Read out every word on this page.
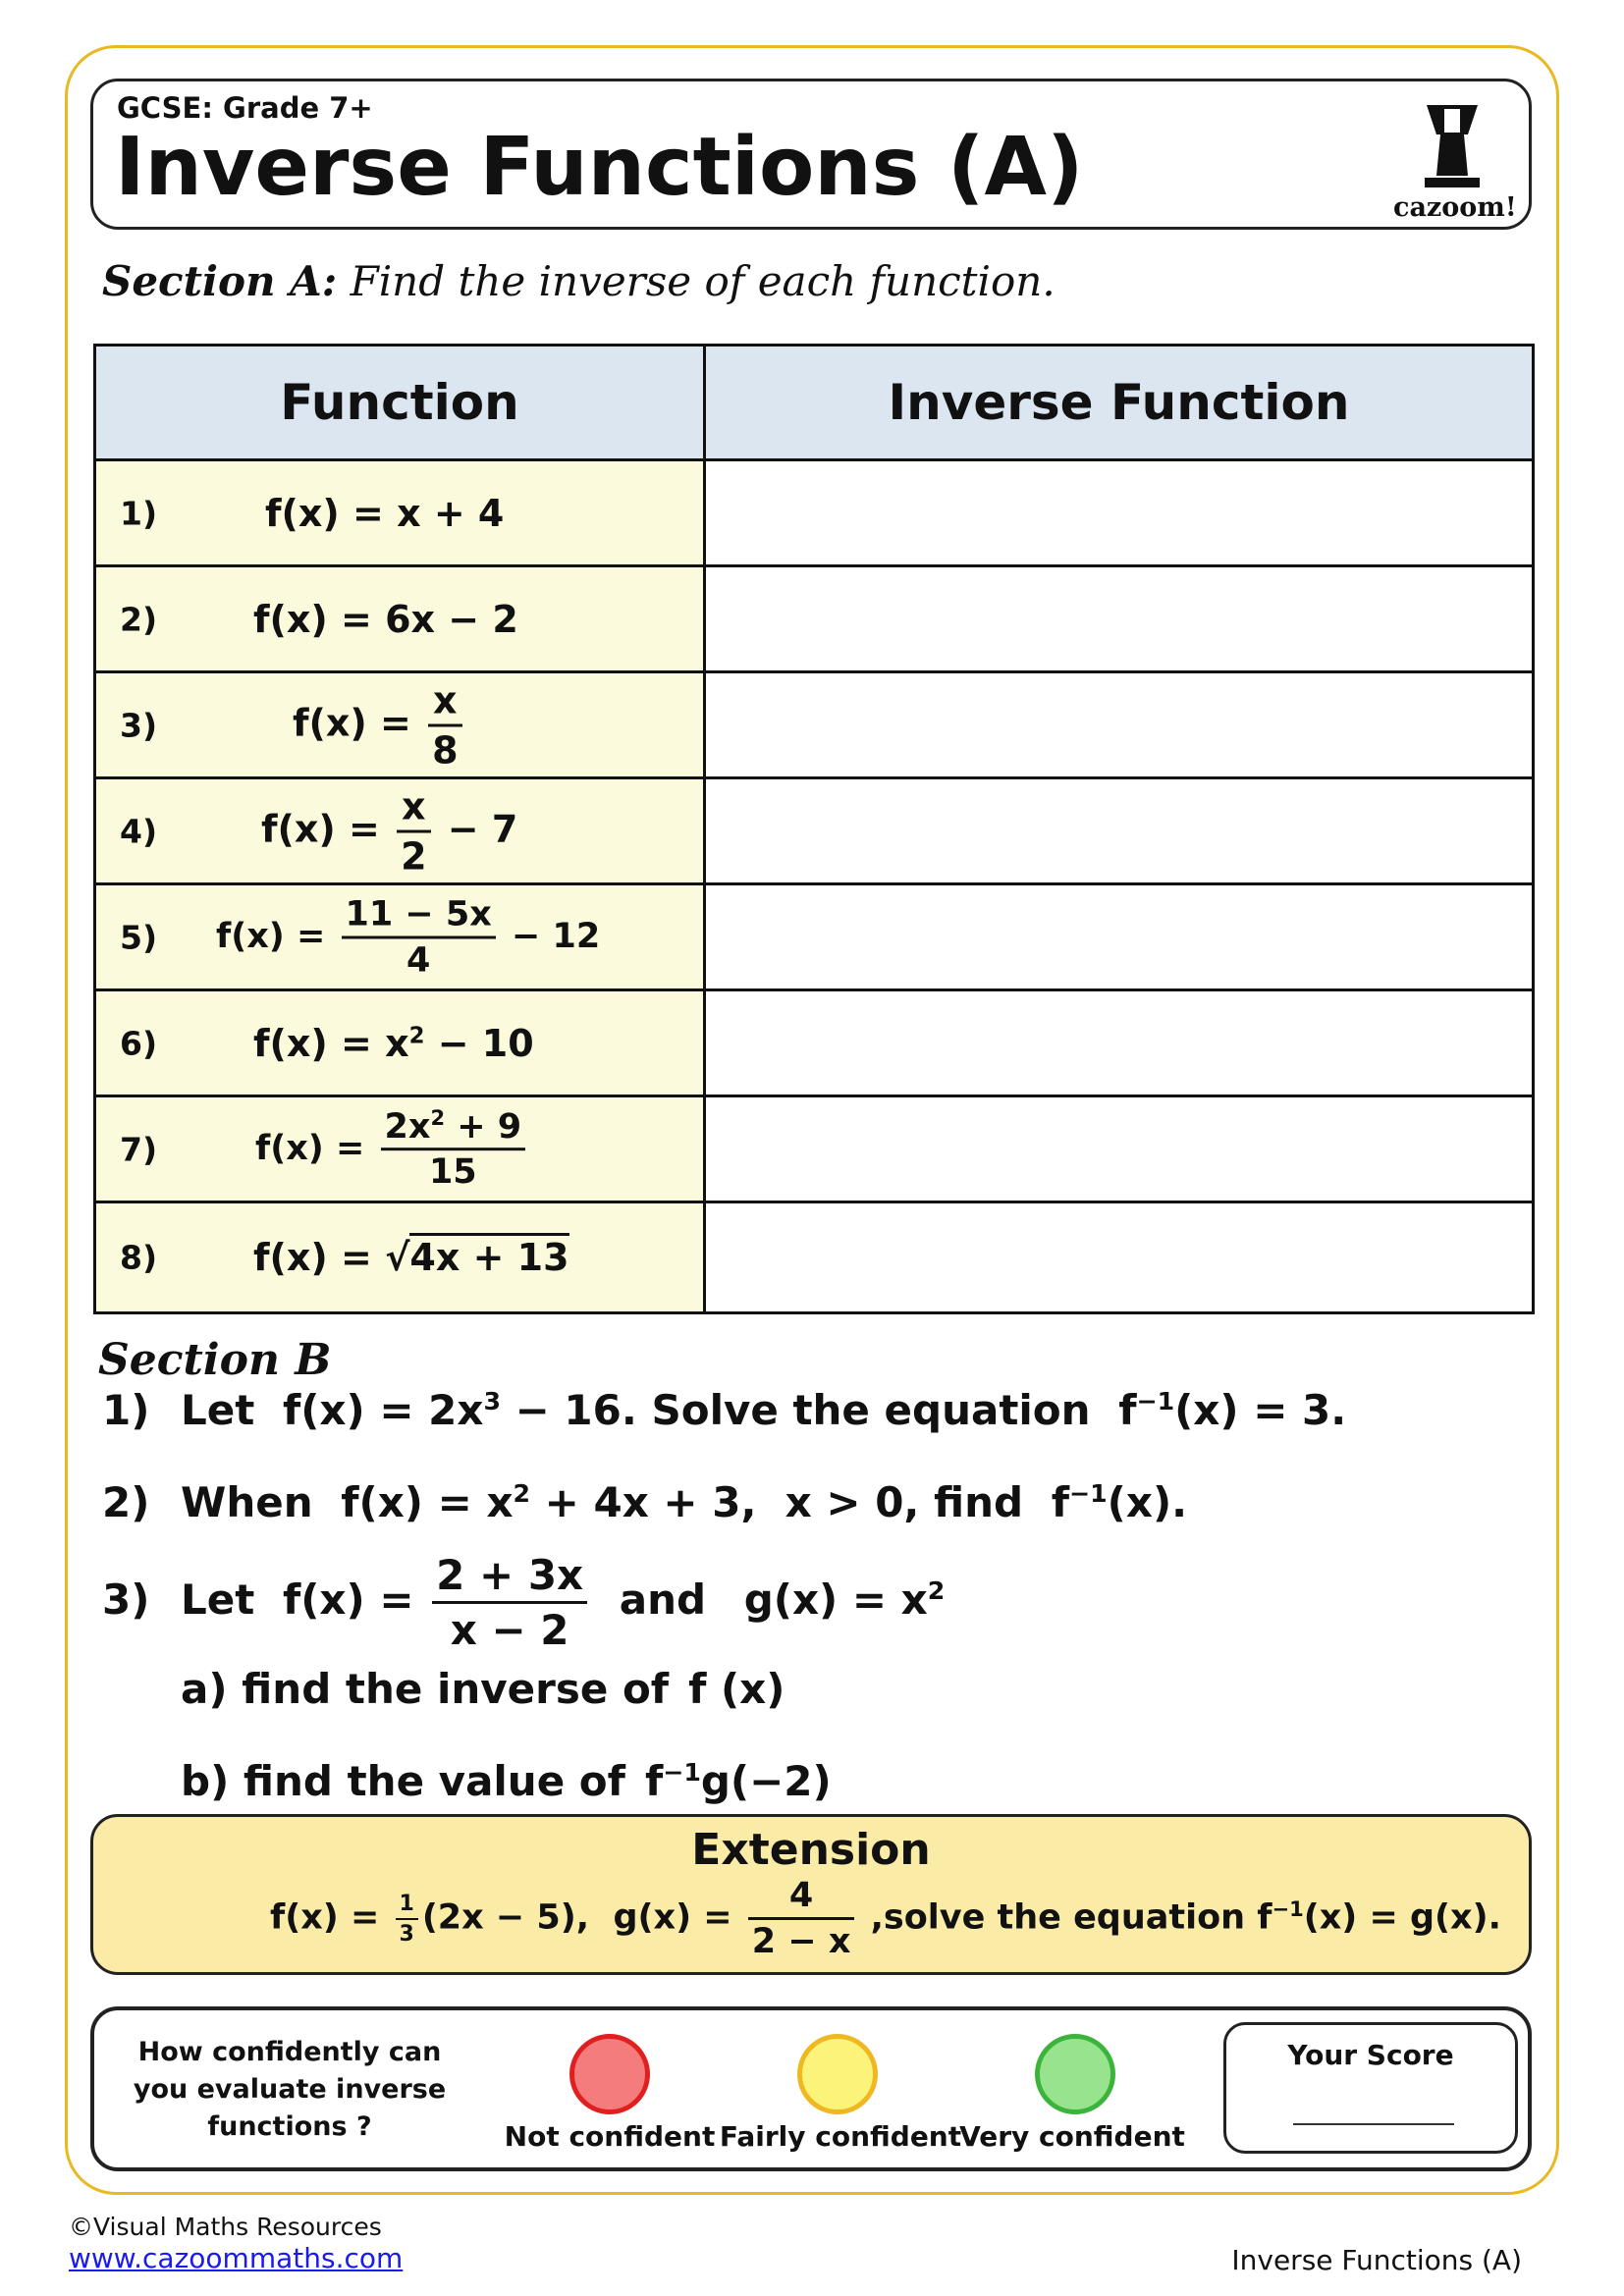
GCSE: Grade 7+
Inverse Functions (A)	cazoom!
Section A: Find the inverse of each function.
Function	Inverse Function

1) f(x) = x + 4	

2) f(x) = 6x − 2	

3) $f(x) = \frac{x}{8}$

4) $f(x) = \frac{x}{2} - 7$	

5) $f(x) = \frac{11 - 5x}{4} - 12$	

6) $f(x) = x^2 - 10$	

7) $f(x) = \frac{2x^2 + 9}{15}$

8) f(x) = √4x + 13	

Section B
1) Let $f(x) = 2x^3 - 16$. Solve the equation $f^{-1}(x) = 3$.
2) When $f(x) = x^2 + 4x + 3$,  x > 0, find $f^{-1}(x)$.
3) Let $f(x) = \frac{2 + 3x}{x - 2}$ and $g(x) = x^2$
a) find the inverse of f (x)
b) find the value of $f^{-1}g(-2)$
Extension
$f(x) = \frac{1}{3} (2x - 5)$,  $g(x) = \frac{4}{2 - x}$ ,solve the equation $f^{-1}(x) = g(x)$.
How confidently can you evaluate inverse functions ?	Not confident Fairly confident
Very confident
Your Score
©Visual Maths Resources
www.cazoommaths.com	Inverse Functions (A)
